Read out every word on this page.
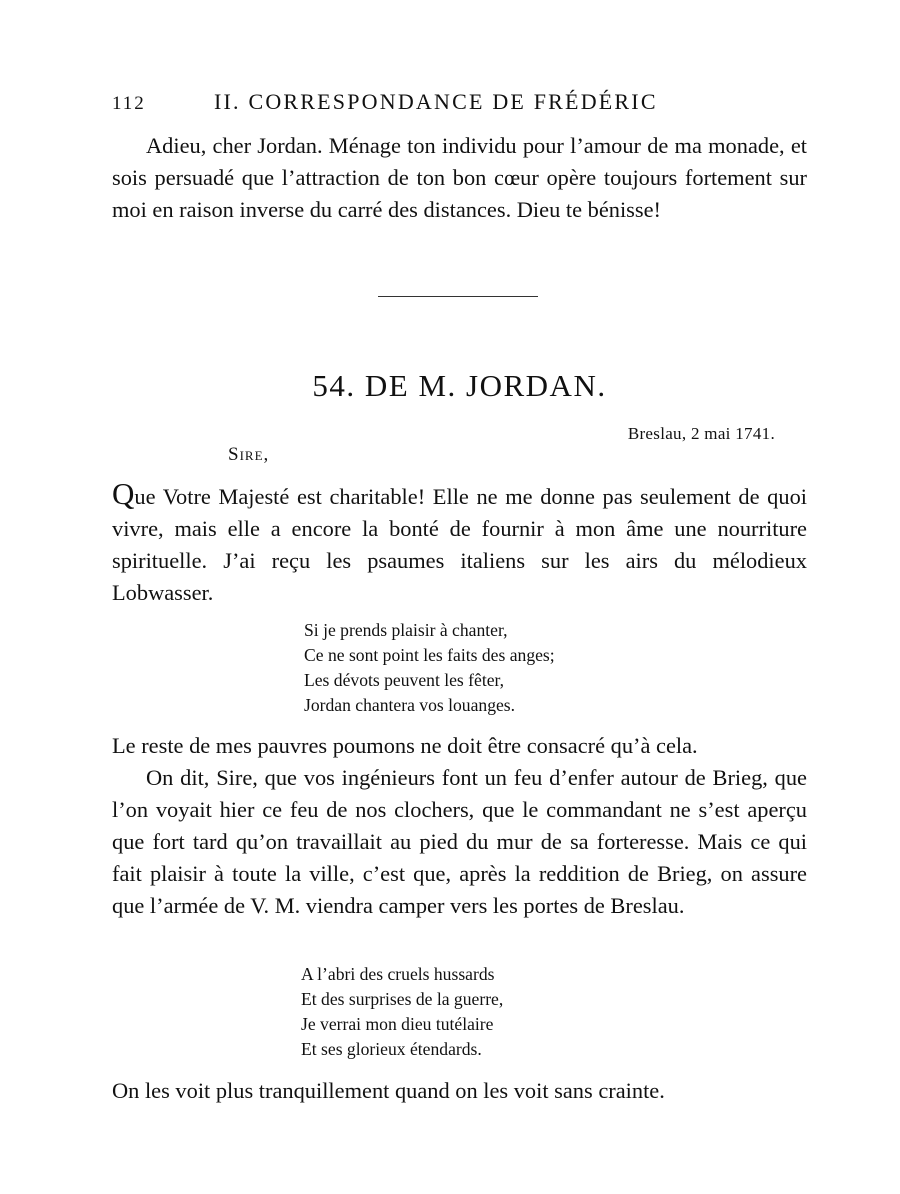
112	II. CORRESPONDANCE DE FRÉDÉRIC

Adieu, cher Jordan. Ménage ton individu pour l’amour de ma monade, et sois persuadé que l’attraction de ton bon cœur opère toujours fortement sur moi en raison inverse du carré des distances. Dieu te bénisse!

54. DE M. JORDAN.
Breslau, 2 mai 1741.
Sire,

Que Votre Majesté est charitable! Elle ne me donne pas seulement de quoi vivre, mais elle a encore la bonté de fournir à mon âme une nourriture spirituelle. J’ai reçu les psaumes italiens sur les airs du mélodieux Lobwasser.

Si je prends plaisir à chanter,
Ce ne sont point les faits des anges;
Les dévots peuvent les fêter,
Jordan chantera vos louanges.

Le reste de mes pauvres poumons ne doit être consacré qu’à cela.

On dit, Sire, que vos ingénieurs font un feu d’enfer autour de Brieg, que l’on voyait hier ce feu de nos clochers, que le commandant ne s’est aperçu que fort tard qu’on travaillait au pied du mur de sa forteresse. Mais ce qui fait plaisir à toute la ville, c’est que, après la reddition de Brieg, on assure que l’armée de V. M. viendra camper vers les portes de Breslau.

A l’abri des cruels hussards
Et des surprises de la guerre,
Je verrai mon dieu tutélaire
Et ses glorieux étendards.

On les voit plus tranquillement quand on les voit sans crainte.
